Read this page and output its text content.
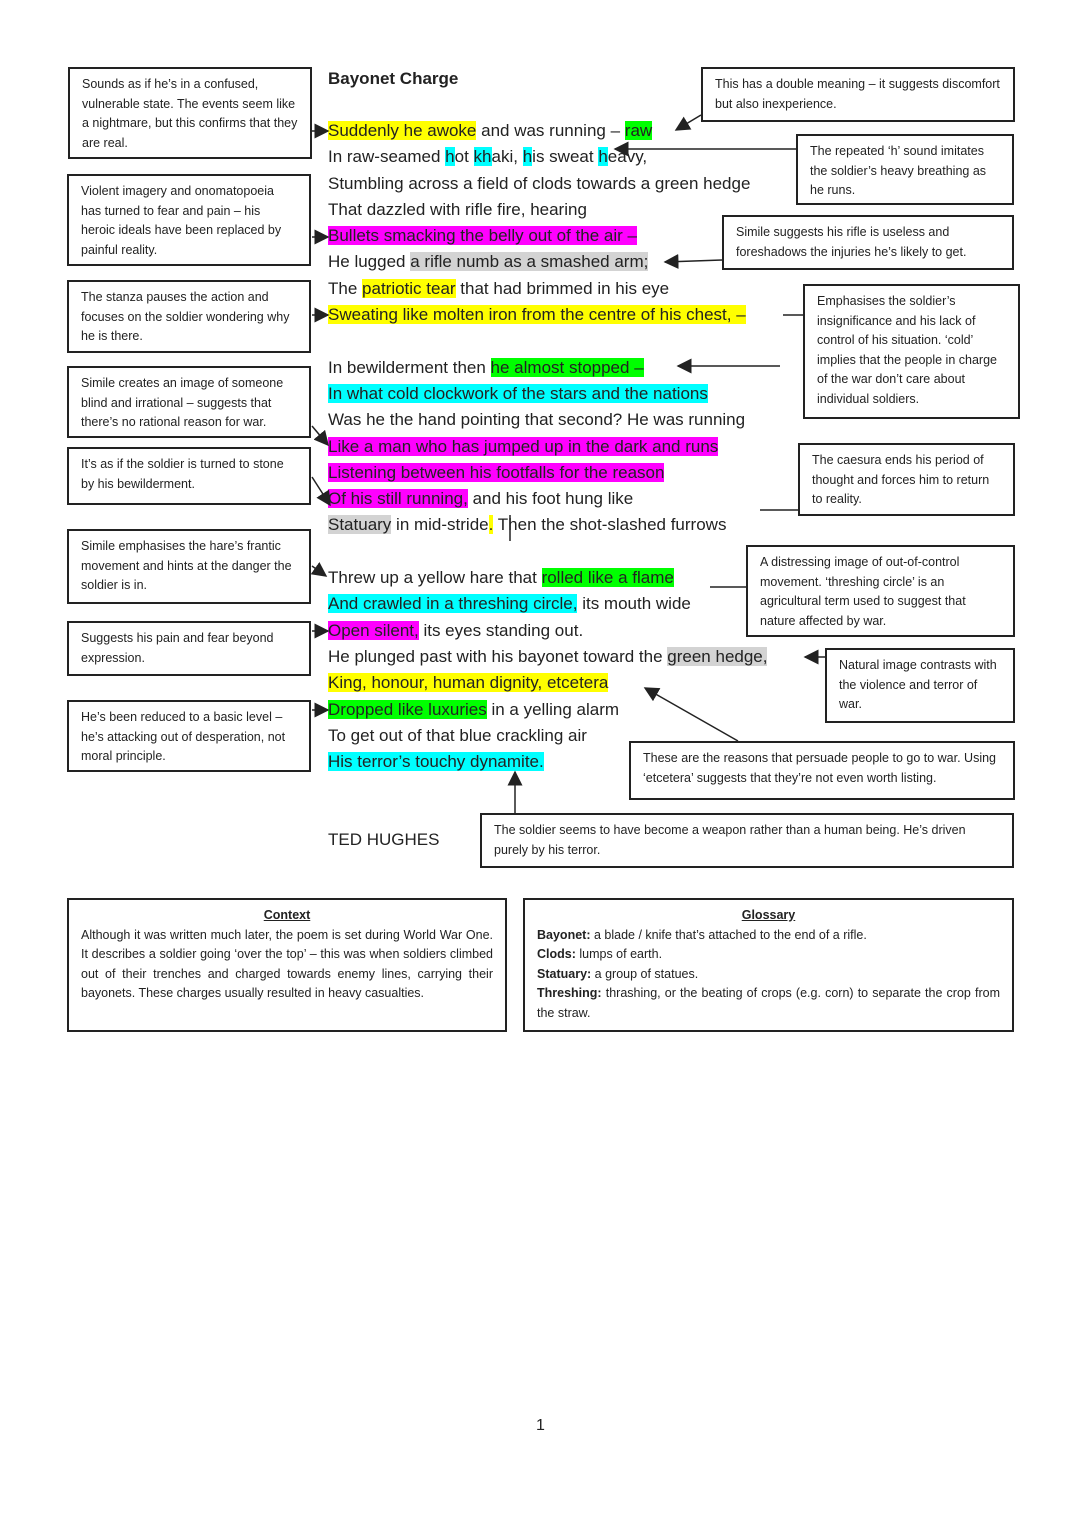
Bayonet Charge
Suddenly he awoke and was running – raw
In raw-seamed hot khaki, his sweat heavy,
Stumbling across a field of clods towards a green hedge
That dazzled with rifle fire, hearing
Bullets smacking the belly out of the air –
He lugged a rifle numb as a smashed arm;
The patriotic tear that had brimmed in his eye
Sweating like molten iron from the centre of his chest, –

In bewilderment then he almost stopped –
In what cold clockwork of the stars and the nations
Was he the hand pointing that second? He was running
Like a man who has jumped up in the dark and runs
Listening between his footfalls for the reason
Of his still running, and his foot hung like
Statuary in mid-stride. Then the shot-slashed furrows

Threw up a yellow hare that rolled like a flame
And crawled in a threshing circle, its mouth wide
Open silent, its eyes standing out.
He plunged past with his bayonet toward the green hedge,
King, honour, human dignity, etcetera
Dropped like luxuries in a yelling alarm
To get out of that blue crackling air
His terror’s touchy dynamite.
TED HUGHES
Sounds as if he’s in a confused, vulnerable state. The events seem like a nightmare, but this confirms that they are real.
Violent imagery and onomatopoeia has turned to fear and pain – his heroic ideals have been replaced by painful reality.
The stanza pauses the action and focuses on the soldier wondering why he is there.
Simile creates an image of someone blind and irrational – suggests that there’s no rational reason for war.
It’s as if the soldier is turned to stone by his bewilderment.
Simile emphasises the hare’s frantic movement and hints at the danger the soldier is in.
Suggests his pain and fear beyond expression.
He’s been reduced to a basic level – he’s attacking out of desperation, not moral principle.
This has a double meaning – it suggests discomfort but also inexperience.
The repeated ‘h’ sound imitates the soldier’s heavy breathing as he runs.
Simile suggests his rifle is useless and foreshadows the injuries he’s likely to get.
Emphasises the soldier’s insignificance and his lack of control of his situation. ‘cold’ implies that the people in charge of the war don’t care about individual soldiers.
The caesura ends his period of thought and forces him to return to reality.
A distressing image of out-of-control movement. ‘threshing circle’ is an agricultural term used to suggest that nature affected by war.
Natural image contrasts with the violence and terror of war.
These are the reasons that persuade people to go to war. Using ‘etcetera’ suggests that they’re not even worth listing.
The soldier seems to have become a weapon rather than a human being. He’s driven purely by his terror.
Context
Although it was written much later, the poem is set during World War One. It describes a soldier going ‘over the top’ – this was when soldiers climbed out of their trenches and charged towards enemy lines, carrying their bayonets. These charges usually resulted in heavy casualties.
Glossary
Bayonet: a blade / knife that’s attached to the end of a rifle.
Clods: lumps of earth.
Statuary: a group of statues.
Threshing: thrashing, or the beating of crops (e.g. corn) to separate the crop from the straw.
1
